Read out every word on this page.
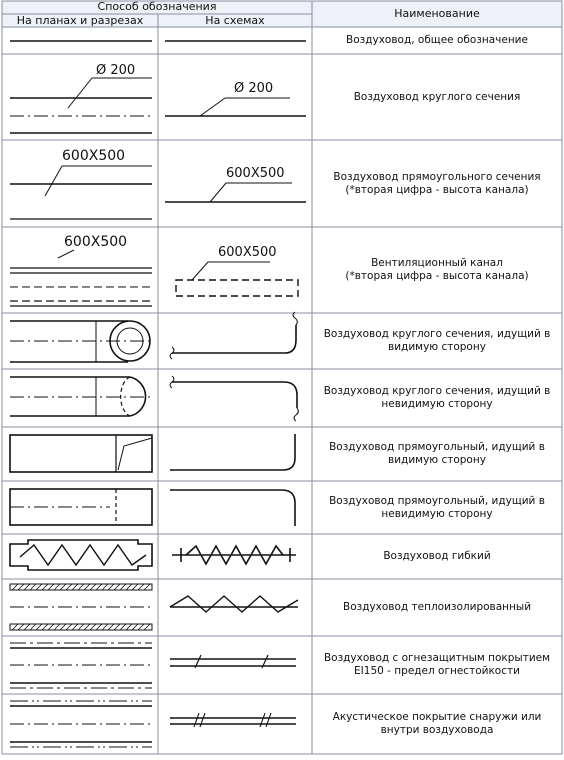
Ø 200
Ø 200
600X500
600X500
600X500
600X500
Способ обозначения
На планах и разрезах	На схемах
Наименование
Воздуховод, общее обозначение
Воздуховод круглого сечения
Воздуховод прямоугольного сечения
(*вторая цифра - высота канала)
Вентиляционный канал
(*вторая цифра - высота канала)
Воздуховод круглого сечения, идущий в видимую сторону
Воздуховод круглого сечения, идущий в невидимую сторону
Воздуховод прямоугольный, идущий в видимую сторону
Воздуховод прямоугольный, идущий в невидимую сторону
Воздуховод гибкий
Воздуховод теплоизолированный
Воздуховод с огнезащитным покрытием EI150 - предел огнестойкости
Акустическое покрытие снаружи или внутри воздуховода
